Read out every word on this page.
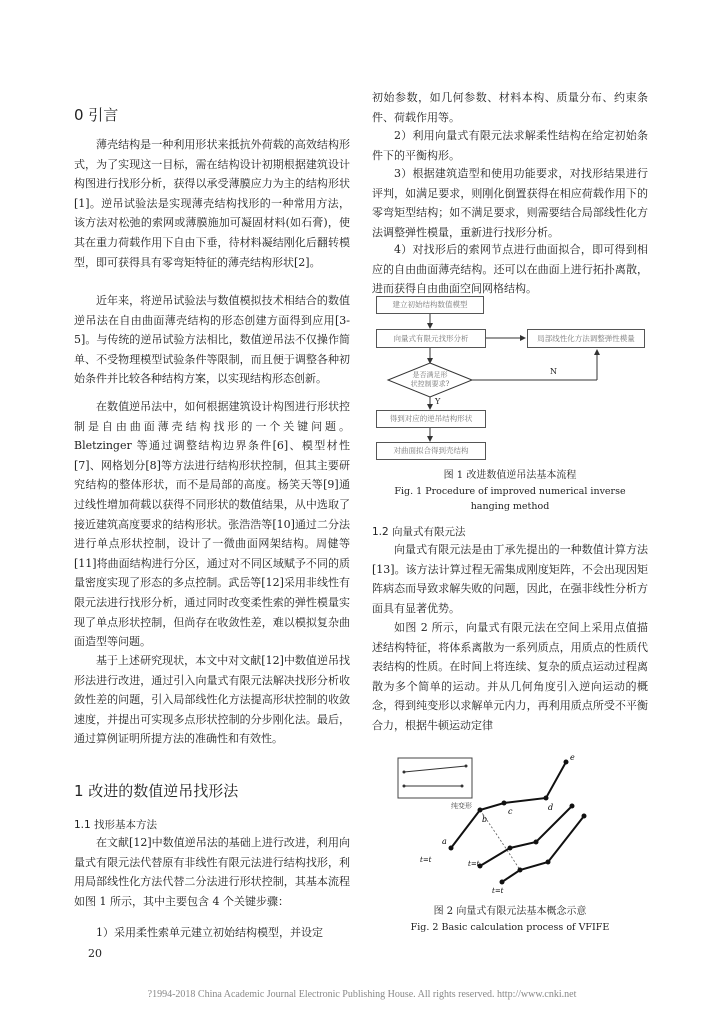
0 引言

薄壳结构是一种利用形状来抵抗外荷载的高效结构形式，为了实现这一目标，需在结构设计初期根据建筑设计构图进行找形分析，获得以承受薄膜应力为主的结构形状[1]。逆吊试验法是实现薄壳结构找形的一种常用方法，该方法对松弛的索网或薄膜施加可凝固材料(如石膏)，使其在重力荷载作用下自由下垂，待材料凝结刚化后翻转模型，即可获得具有零弯矩特征的薄壳结构形状[2]。

近年来，将逆吊试验法与数值模拟技术相结合的数值逆吊法在自由曲面薄壳结构的形态创建方面得到应用[3-5]。与传统的逆吊试验方法相比，数值逆吊法不仅操作简单、不受物理模型试验条件等限制，而且便于调整各种初始条件并比较各种结构方案，以实现结构形态创新。

在数值逆吊法中，如何根据建筑设计构图进行形状控制是自由曲面薄壳结构找形的一个关键问题。Bletzinger 等通过调整结构边界条件[6]、模型材性[7]、网格划分[8]等方法进行结构形状控制，但其主要研究结构的整体形状，而不是局部的高度。杨笑天等[9]通过线性增加荷载以获得不同形状的数值结果，从中选取了接近建筑高度要求的结构形状。张浩浩等[10]通过二分法进行单点形状控制，设计了一微曲面网架结构。周健等[11]将曲面结构进行分区，通过对不同区域赋予不同的质量密度实现了形态的多点控制。武岳等[12]采用非线性有限元法进行找形分析，通过同时改变柔性索的弹性模量实现了单点形状控制，但尚存在收敛性差，难以模拟复杂曲面造型等问题。

基于上述研究现状，本文中对文献[12]中数值逆吊找形法进行改进，通过引入向量式有限元法解决找形分析收敛性差的问题，引入局部线性化方法提高形状控制的收敛速度，并提出可实现多点形状控制的分步刚化法。最后，通过算例证明所提方法的准确性和有效性。

1 改进的数值逆吊找形法
1.1 找形基本方法

在文献[12]中数值逆吊法的基础上进行改进，利用向量式有限元法代替原有非线性有限元法进行结构找形，利用局部线性化方法代替二分法进行形状控制，其基本流程如图 1 所示，其中主要包含 4 个关键步骤：

1）采用柔性索单元建立初始结构模型，并设定

20

初始参数，如几何参数、材料本构、质量分布、约束条件、荷载作用等。

2）利用向量式有限元法求解柔性结构在给定初始条件下的平衡构形。

3）根据建筑造型和使用功能要求，对找形结果进行评判，如满足要求，则刚化倒置获得在相应荷载作用下的零弯矩型结构；如不满足要求，则需要结合局部线性化方法调整弹性模量，重新进行找形分析。

4）对找形后的索网节点进行曲面拟合，即可得到相应的自由曲面薄壳结构。还可以在曲面上进行拓扑离散，进而获得自由曲面空间网格结构。

建立初始结构数值模型
向量式有限元找形分析	局部线性化方法调整弹性模量
是否满足形
状控制要求?
N
Y
得到对应的逆吊结构形状
对曲面拟合得到壳结构
图 1 改进数值逆吊法基本流程
Fig. 1 Procedure of improved numerical inverse
hanging method
1.2 向量式有限元法

向量式有限元法是由丁承先提出的一种数值计算方法[13]。该方法计算过程无需集成刚度矩阵，不会出现因矩阵病态而导致求解失败的问题，因此，在强非线性分析方面具有显著优势。

如图 2 所示，向量式有限元法在空间上采用点值描述结构特征，将体系离散为一系列质点，用质点的性质代表结构的性质。在时间上将连续、复杂的质点运动过程离散为多个简单的运动。并从几何角度引入逆向运动的概念，得到纯变形以求解单元内力，再利用质点所受不平衡合力，根据牛顿运动定律

纯变形
t=t	t=t
t=t
a
b
c	d
e
图 2 向量式有限元法基本概念示意
Fig. 2 Basic calculation process of VFIFE
?1994-2018 China Academic Journal Electronic Publishing House. All rights reserved. http://www.cnki.net
